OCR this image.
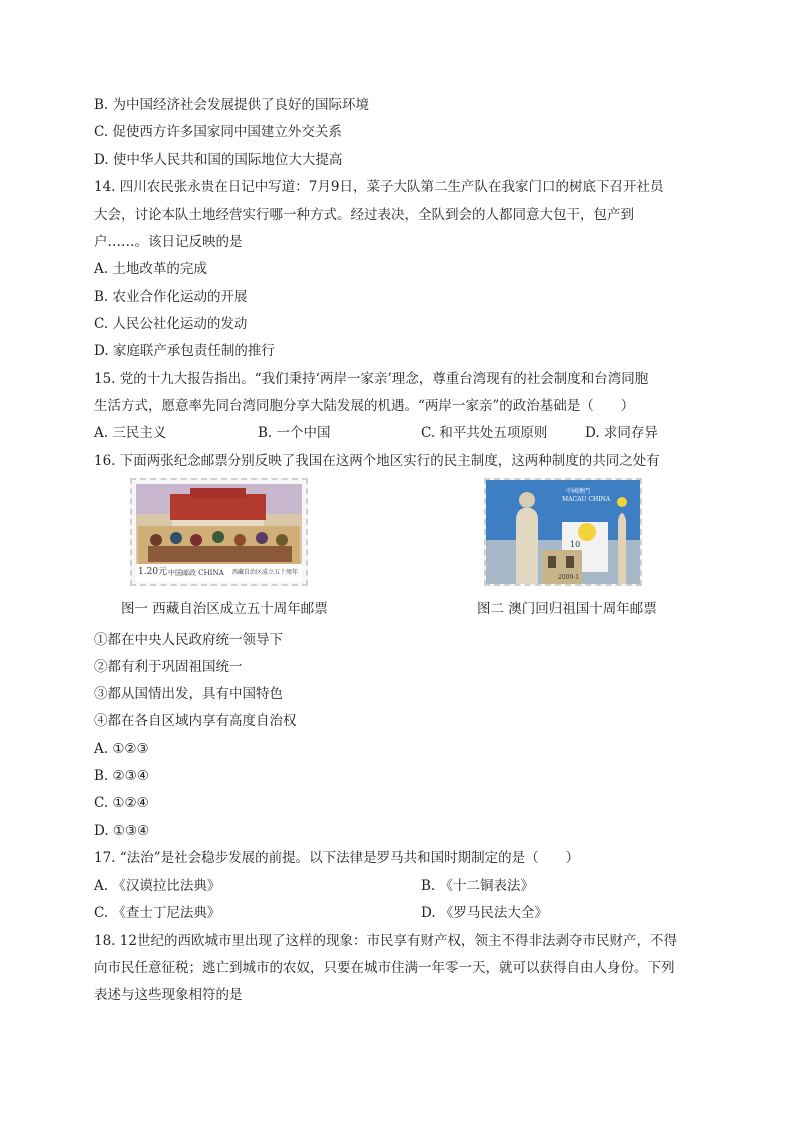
B. 为中国经济社会发展提供了良好的国际环境
C. 促使西方许多国家同中国建立外交关系
D. 使中华人民共和国的国际地位大大提高
14. 四川农民张永贵在日记中写道：7月9日，菜子大队第二生产队在我家门口的树底下召开社员
大会，讨论本队土地经营实行哪一种方式。经过表决，全队到会的人都同意大包干，包产到
户……。该日记反映的是
A. 土地改革的完成
B. 农业合作化运动的开展
C. 人民公社化运动的发动
D. 家庭联产承包责任制的推行
15. 党的十九大报告指出。“我们秉持‘两岸一家亲’理念，尊重台湾现有的社会制度和台湾同胞
生活方式，愿意率先同台湾同胞分享大陆发展的机遇。“两岸一家亲”的政治基础是（　　）
A. 三民主义	B. 一个中国	C. 和平共处五项原则	D. 求同存异
16. 下面两张纪念邮票分别反映了我国在这两个地区实行的民主制度，这两种制度的共同之处有
1.20元 中国邮政 CHINA 西藏自治区成立五十周年
中國澳門
MACAU CHINA
10
2009-1
图一 西藏自治区成立五十周年邮票	图二 澳门回归祖国十周年邮票
①都在中央人民政府统一领导下
②都有利于巩固祖国统一
③都从国情出发，具有中国特色
④都在各自区域内享有高度自治权
A. ①②③
B. ②③④
C. ①②④
D. ①③④
17. “法治”是社会稳步发展的前提。以下法律是罗马共和国时期制定的是（　　）
A. 《汉谟拉比法典》	B. 《十二铜表法》
C. 《查士丁尼法典》	D. 《罗马民法大全》
18. 12世纪的西欧城市里出现了这样的现象：市民享有财产权，领主不得非法剥夺市民财产，不得
向市民任意征税；逃亡到城市的农奴，只要在城市住满一年零一天，就可以获得自由人身份。下列
表述与这些现象相符的是
